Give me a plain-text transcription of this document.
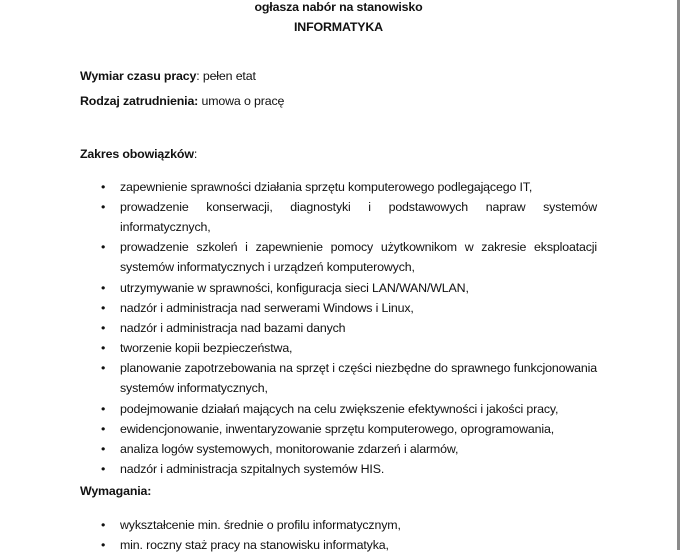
ogłasza nabór na stanowisko
INFORMATYKA
Wymiar czasu pracy: pełen etat
Rodzaj zatrudnienia: umowa o pracę
Zakres obowiązków:
• zapewnienie sprawności działania sprzętu komputerowego podlegającego IT,
• prowadzenie konserwacji, diagnostyki i podstawowych napraw systemów informatycznych,
• prowadzenie szkoleń i zapewnienie pomocy użytkownikom w zakresie eksploatacji systemów informatycznych i urządzeń komputerowych,
• utrzymywanie w sprawności, konfiguracja sieci LAN/WAN/WLAN,
• nadzór i administracja nad serwerami Windows i Linux,
• nadzór i administracja nad bazami danych
• tworzenie kopii bezpieczeństwa,
• planowanie zapotrzebowania na sprzęt i części niezbędne do sprawnego funkcjonowania systemów informatycznych,
• podejmowanie działań mających na celu zwiększenie efektywności i jakości pracy,
• ewidencjonowanie, inwentaryzowanie sprzętu komputerowego, oprogramowania,
• analiza logów systemowych, monitorowanie zdarzeń i alarmów,
• nadzór i administracja szpitalnych systemów HIS.
Wymagania:
• wykształcenie min. średnie o profilu informatycznym,
• min. roczny staż pracy na stanowisku informatyka,
